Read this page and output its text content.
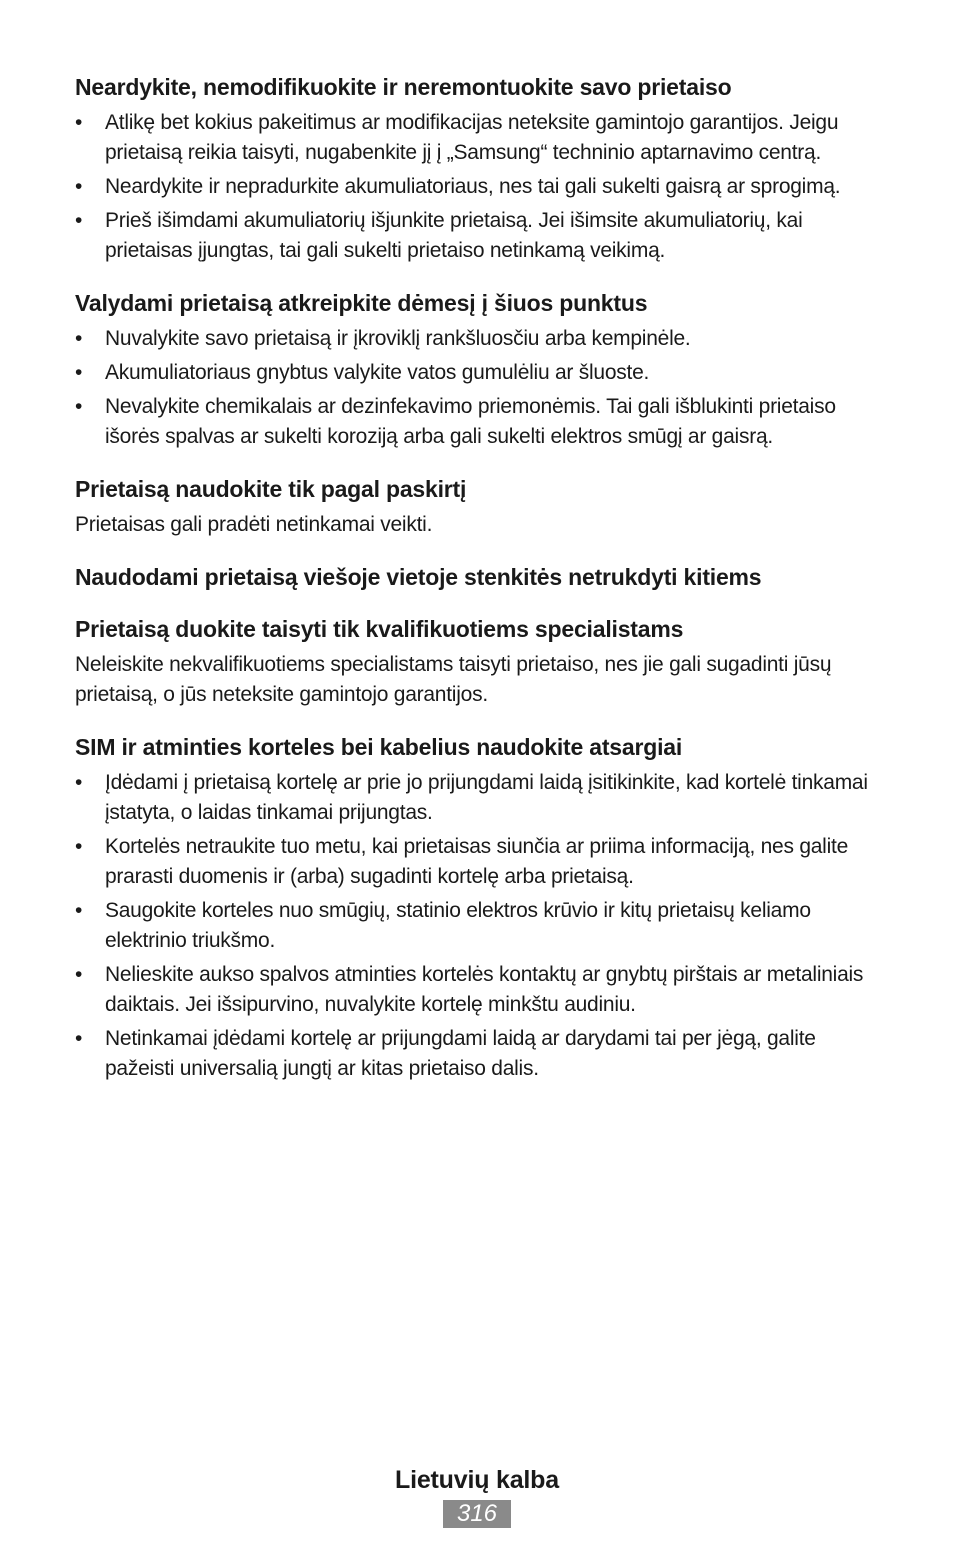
Neardykite, nemodifikuokite ir neremontuokite savo prietaiso
•	Atlikę bet kokius pakeitimus ar modifikacijas neteksite gamintojo garantijos. Jeigu prietaisą reikia taisyti, nugabenkite jį į „Samsung“ techninio aptarnavimo centrą.
•	Neardykite ir nepradurkite akumuliatoriaus, nes tai gali sukelti gaisrą ar sprogimą.
•	Prieš išimdami akumuliatorių išjunkite prietaisą. Jei išimsite akumuliatorių, kai prietaisas įjungtas, tai gali sukelti prietaiso netinkamą veikimą.
Valydami prietaisą atkreipkite dėmesį į šiuos punktus
•	Nuvalykite savo prietaisą ir įkroviklį rankšluosčiu arba kempinėle.
•	Akumuliatoriaus gnybtus valykite vatos gumulėliu ar šluoste.
•	Nevalykite chemikalais ar dezinfekavimo priemonėmis. Tai gali išblukinti prietaiso išorės spalvas ar sukelti koroziją arba gali sukelti elektros smūgį ar gaisrą.
Prietaisą naudokite tik pagal paskirtį

Prietaisas gali pradėti netinkamai veikti.

Naudodami prietaisą viešoje vietoje stenkitės netrukdyti kitiems
Prietaisą duokite taisyti tik kvalifikuotiems specialistams

Neleiskite nekvalifikuotiems specialistams taisyti prietaiso, nes jie gali sugadinti jūsų prietaisą, o jūs neteksite gamintojo garantijos.

SIM ir atminties korteles bei kabelius naudokite atsargiai
•	Įdėdami į prietaisą kortelę ar prie jo prijungdami laidą įsitikinkite, kad kortelė tinkamai įstatyta, o laidas tinkamai prijungtas.
•	Kortelės netraukite tuo metu, kai prietaisas siunčia ar priima informaciją, nes galite prarasti duomenis ir (arba) sugadinti kortelę arba prietaisą.
•	Saugokite korteles nuo smūgių, statinio elektros krūvio ir kitų prietaisų keliamo elektrinio triukšmo.
•	Nelieskite aukso spalvos atminties kortelės kontaktų ar gnybtų pirštais ar metaliniais daiktais. Jei išsipurvino, nuvalykite kortelę minkštu audiniu.
•	Netinkamai įdėdami kortelę ar prijungdami laidą ar darydami tai per jėgą, galite pažeisti universalią jungtį ar kitas prietaiso dalis.
Lietuvių kalba
316
